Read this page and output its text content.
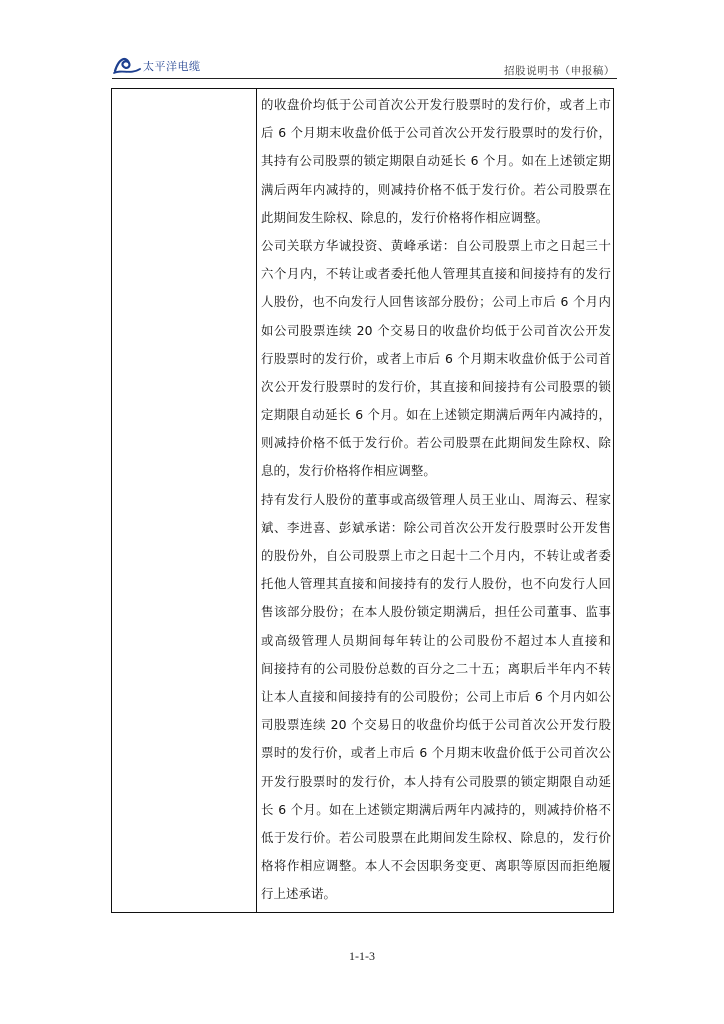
太平洋电缆	招股说明书（申报稿）
的收盘价均低于公司首次公开发行股票时的发行价，或者上市
后 6 个月期末收盘价低于公司首次公开发行股票时的发行价，
其持有公司股票的锁定期限自动延长 6 个月。如在上述锁定期
满后两年内减持的，则减持价格不低于发行价。若公司股票在
此期间发生除权、除息的，发行价格将作相应调整。
公司关联方华诚投资、黄峰承诺：自公司股票上市之日起三十
六个月内，不转让或者委托他人管理其直接和间接持有的发行
人股份，也不向发行人回售该部分股份；公司上市后 6 个月内
如公司股票连续 20 个交易日的收盘价均低于公司首次公开发
行股票时的发行价，或者上市后 6 个月期末收盘价低于公司首
次公开发行股票时的发行价，其直接和间接持有公司股票的锁
定期限自动延长 6 个月。如在上述锁定期满后两年内减持的，
则减持价格不低于发行价。若公司股票在此期间发生除权、除
息的，发行价格将作相应调整。
持有发行人股份的董事或高级管理人员王业山、周海云、程家
斌、李进喜、彭斌承诺：除公司首次公开发行股票时公开发售
的股份外，自公司股票上市之日起十二个月内，不转让或者委
托他人管理其直接和间接持有的发行人股份，也不向发行人回
售该部分股份；在本人股份锁定期满后，担任公司董事、监事
或高级管理人员期间每年转让的公司股份不超过本人直接和
间接持有的公司股份总数的百分之二十五；离职后半年内不转
让本人直接和间接持有的公司股份；公司上市后 6 个月内如公
司股票连续 20 个交易日的收盘价均低于公司首次公开发行股
票时的发行价，或者上市后 6 个月期末收盘价低于公司首次公
开发行股票时的发行价，本人持有公司股票的锁定期限自动延
长 6 个月。如在上述锁定期满后两年内减持的，则减持价格不
低于发行价。若公司股票在此期间发生除权、除息的，发行价
格将作相应调整。本人不会因职务变更、离职等原因而拒绝履
行上述承诺。
1-1-3
